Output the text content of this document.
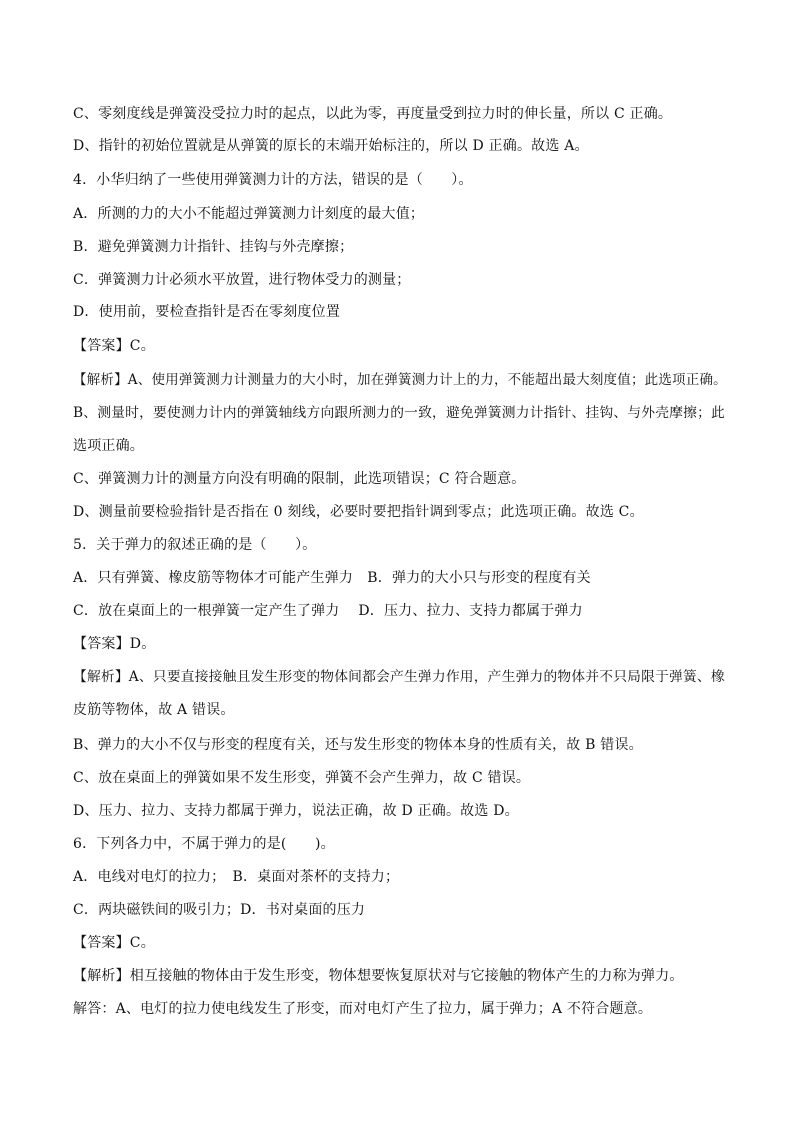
C、零刻度线是弹簧没受拉力时的起点，以此为零，再度量受到拉力时的伸长量，所以 C 正确。
D、指针的初始位置就是从弹簧的原长的末端开始标注的，所以 D 正确。故选 A。
4．小华归纳了一些使用弹簧测力计的方法，错误的是（　　）。
A．所测的力的大小不能超过弹簧测力计刻度的最大值；
B．避免弹簧测力计指针、挂钩与外壳摩擦；
C．弹簧测力计必须水平放置，进行物体受力的测量；
D．使用前，要检查指针是否在零刻度位置
【答案】C。
【解析】A、使用弹簧测力计测量力的大小时，加在弹簧测力计上的力，不能超出最大刻度值；此选项正确。
B、测量时，要使测力计内的弹簧轴线方向跟所测力的一致，避免弹簧测力计指针、挂钩、与外壳摩擦；此
选项正确。
C、弹簧测力计的测量方向没有明确的限制，此选项错误；C 符合题意。
D、测量前要检验指针是否指在 0 刻线，必要时要把指针调到零点；此选项正确。故选 C。
5．关于弹力的叙述正确的是（　　）。
A．只有弹簧、橡皮筋等物体才可能产生弹力　B．弹力的大小只与形变的程度有关
C．放在桌面上的一根弹簧一定产生了弹力　 D．压力、拉力、支持力都属于弹力
【答案】D。
【解析】A、只要直接接触且发生形变的物体间都会产生弹力作用，产生弹力的物体并不只局限于弹簧、橡
皮筋等物体，故 A 错误。
B、弹力的大小不仅与形变的程度有关，还与发生形变的物体本身的性质有关，故 B 错误。
C、放在桌面上的弹簧如果不发生形变，弹簧不会产生弹力，故 C 错误。
D、压力、拉力、支持力都属于弹力，说法正确，故 D 正确。故选 D。
6．下列各力中，不属于弹力的是(　　)。
A．电线对电灯的拉力；　B．桌面对茶杯的支持力；
C．两块磁铁间的吸引力；D．书对桌面的压力
【答案】C。
【解析】相互接触的物体由于发生形变，物体想要恢复原状对与它接触的物体产生的力称为弹力。
解答：A、电灯的拉力使电线发生了形变，而对电灯产生了拉力，属于弹力；A 不符合题意。
